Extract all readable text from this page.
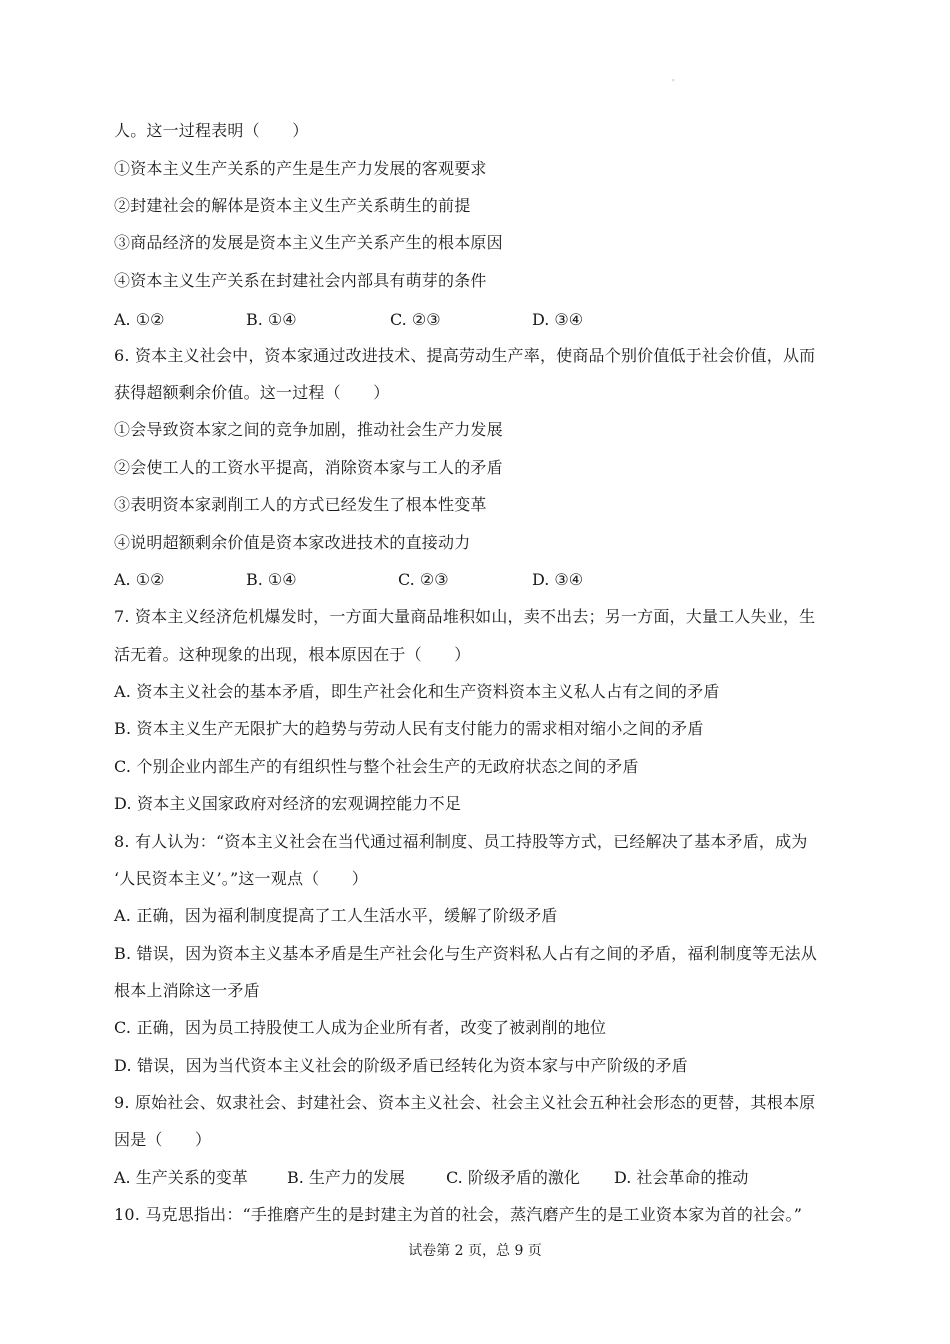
'
人。这一过程表明（　　）
①资本主义生产关系的产生是生产力发展的客观要求
②封建社会的解体是资本主义生产关系萌生的前提
③商品经济的发展是资本主义生产关系产生的根本原因
④资本主义生产关系在封建社会内部具有萌芽的条件
A. ①②	B. ①④	C. ②③	D. ③④
6. 资本主义社会中，资本家通过改进技术、提高劳动生产率，使商品个别价值低于社会价值，从而
获得超额剩余价值。这一过程（　　）
①会导致资本家之间的竞争加剧，推动社会生产力发展
②会使工人的工资水平提高，消除资本家与工人的矛盾
③表明资本家剥削工人的方式已经发生了根本性变革
④说明超额剩余价值是资本家改进技术的直接动力
A. ①②	B. ①④	C. ②③	D. ③④
7. 资本主义经济危机爆发时，一方面大量商品堆积如山，卖不出去；另一方面，大量工人失业，生
活无着。这种现象的出现，根本原因在于（　　）
A. 资本主义社会的基本矛盾，即生产社会化和生产资料资本主义私人占有之间的矛盾
B. 资本主义生产无限扩大的趋势与劳动人民有支付能力的需求相对缩小之间的矛盾
C. 个别企业内部生产的有组织性与整个社会生产的无政府状态之间的矛盾
D. 资本主义国家政府对经济的宏观调控能力不足
8. 有人认为：“资本主义社会在当代通过福利制度、员工持股等方式，已经解决了基本矛盾，成为
‘人民资本主义’。”这一观点（　　）
A. 正确，因为福利制度提高了工人生活水平，缓解了阶级矛盾
B. 错误，因为资本主义基本矛盾是生产社会化与生产资料私人占有之间的矛盾，福利制度等无法从
根本上消除这一矛盾
C. 正确，因为员工持股使工人成为企业所有者，改变了被剥削的地位
D. 错误，因为当代资本主义社会的阶级矛盾已经转化为资本家与中产阶级的矛盾
9. 原始社会、奴隶社会、封建社会、资本主义社会、社会主义社会五种社会形态的更替，其根本原
因是（　　）
A. 生产关系的变革 B. 生产力的发展	C. 阶级矛盾的激化 D. 社会革命的推动
10. 马克思指出：“手推磨产生的是封建主为首的社会，蒸汽磨产生的是工业资本家为首的社会。”
试卷第 2 页，总 9 页
